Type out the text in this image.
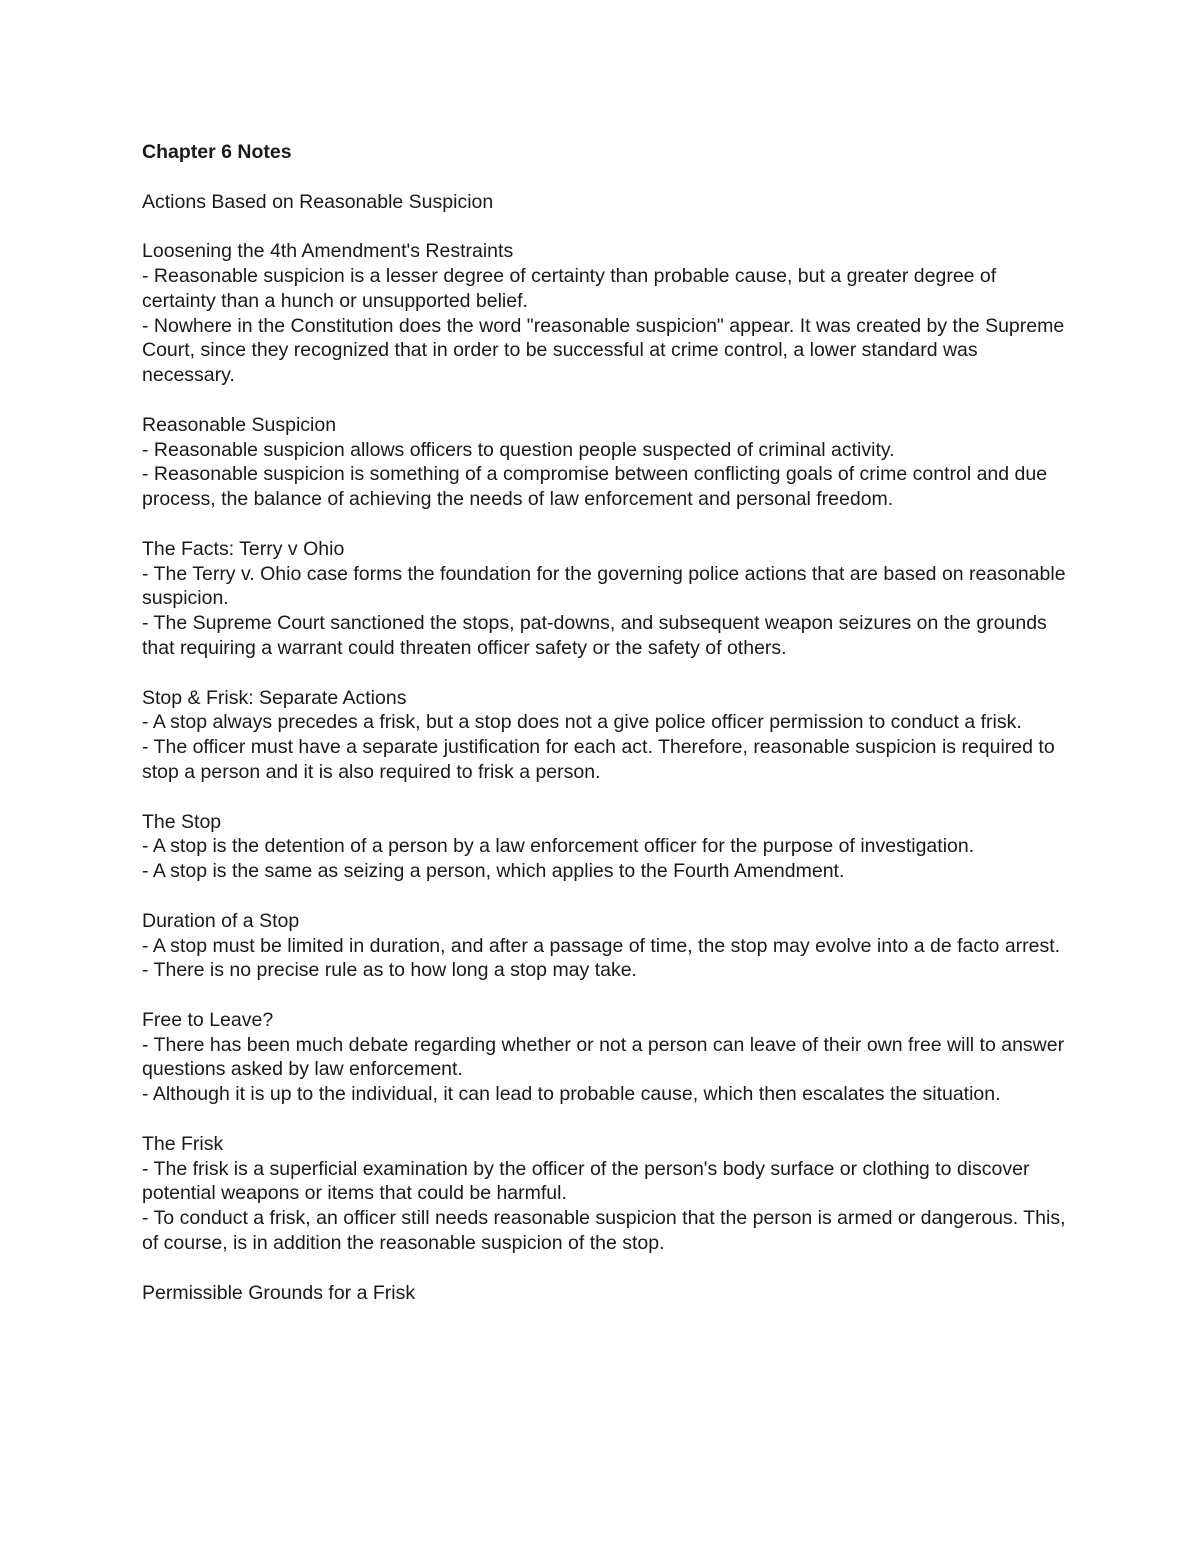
Chapter 6 Notes
Actions Based on Reasonable Suspicion
Loosening the 4th Amendment's Restraints
- Reasonable suspicion is a lesser degree of certainty than probable cause, but a greater degree of certainty than a hunch or unsupported belief.
- Nowhere in the Constitution does the word "reasonable suspicion" appear. It was created by the Supreme Court, since they recognized that in order to be successful at crime control, a lower standard was necessary.
Reasonable Suspicion
- Reasonable suspicion allows officers to question people suspected of criminal activity.
- Reasonable suspicion is something of a compromise between conflicting goals of crime control and due process, the balance of achieving the needs of law enforcement and personal freedom.
The Facts: Terry v Ohio
- The Terry v. Ohio case forms the foundation for the governing police actions that are based on reasonable suspicion.
- The Supreme Court sanctioned the stops, pat-downs, and subsequent weapon seizures on the grounds that requiring a warrant could threaten officer safety or the safety of others.
Stop & Frisk: Separate Actions
- A stop always precedes a frisk, but a stop does not a give police officer permission to conduct a frisk.
- The officer must have a separate justification for each act. Therefore, reasonable suspicion is required to stop a person and it is also required to frisk a person.
The Stop
- A stop is the detention of a person by a law enforcement officer for the purpose of investigation.
- A stop is the same as seizing a person, which applies to the Fourth Amendment.
Duration of a Stop
- A stop must be limited in duration, and after a passage of time, the stop may evolve into a de facto arrest.
- There is no precise rule as to how long a stop may take.
Free to Leave?
- There has been much debate regarding whether or not a person can leave of their own free will to answer questions asked by law enforcement.
- Although it is up to the individual, it can lead to probable cause, which then escalates the situation.
The Frisk
- The frisk is a superficial examination by the officer of the person's body surface or clothing to discover potential weapons or items that could be harmful.
- To conduct a frisk, an officer still needs reasonable suspicion that the person is armed or dangerous. This, of course, is in addition the reasonable suspicion of the stop.
Permissible Grounds for a Frisk
